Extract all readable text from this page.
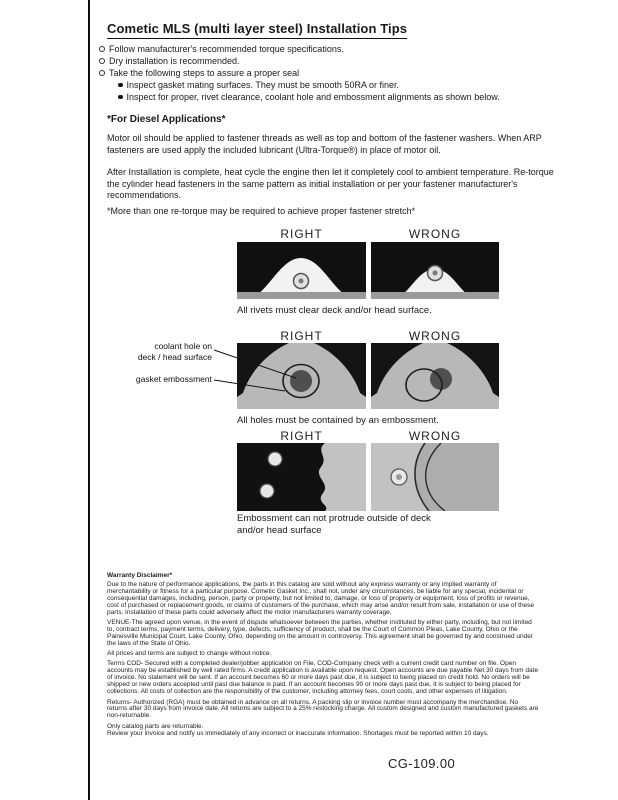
Cometic MLS (multi layer steel) Installation Tips
Follow manufacturer's recommended torque specifications.
Dry installation is recommended.
Take the following steps to assure a proper seal
Inspect gasket mating surfaces. They must be smooth 50RA or finer.
Inspect for proper, rivet clearance, coolant hole and embossment alignments as shown below.
*For Diesel Applications*
Motor oil should be applied to fastener threads as well as top and bottom of the fastener washers. When ARP fasteners are used apply the included lubricant (Ultra-Torque®) in place of motor oil.
After Installation is complete, heat cycle the engine then let it completely cool to ambient temperature. Re-torque the cylinder head fasteners in the same pattern as initial installation or per your fastener manufacturer's recommendations.
*More than one re-torque may be required to achieve proper fastener stretch*
RIGHT	WRONG
All rivets must clear deck and/or head surface.
RIGHT	WRONG
coolant hole on
deck / head surface
gasket embossment
All holes must be contained by an embossment.
RIGHT	WRONG
Embossment can not protrude outside of deck and/or head surface

Warranty Disclaimer*

Due to the nature of performance applications, the parts in this catalog are sold without any express warranty or any implied warranty of merchantability or fitness for a particular purpose. Cometic Gasket Inc., shall not, under any circumstances, be liable for any special, incidental or consequential damages, including, person, party or property, but not limited to, damage, or loss of property or equipment, loss of profits or revenue, cost of purchased or replacement goods, or claims of customers of the purchase, which may arise and/or result from sale, installation or use of these parts. Installation of these parts could adversely affect the motor manufacturers warranty coverage.

VENUE-The agreed upon venue, in the event of dispute whatsoever between the parties, whether instituted by either party, including, but not limited to, contract terms, payment terms, delivery, type, defects, sufficiency of product, shall be the Court of Common Pleas, Lake County, Ohio or the Painesville Municipal Court, Lake County, Ohio, depending on the amount in controversy. This agreement shall be governed by and construed under the laws of the State of Ohio.

All prices and terms are subject to change without notice.

Terms COD- Secured with a completed dealer/jobber application on File, COD-Company check with a current credit card number on file. Open accounts may be established by well rated firms. A credit application is available upon request. Open accounts are due payable Net 30 days from date of invoice. No statement will be sent. If an account becomes 60 or more days past due, it is subject to being placed on credit hold. No orders will be shipped or new orders accepted until past due balance is paid. If an account becomes 90 or more days past due, it is subject to being placed for collections. All costs of collection are the responsibility of the customer, including attorney fees, court costs, and other expenses of litigation.

Returns- Authorized (RGA) must be obtained in advance on all returns. A packing slip or invoice number must accompany the merchandise. No returns after 30 days from invoice date. All returns are subject to a 25% restocking charge. All custom designed and custom manufactured gaskets are non-returnable.

Only catalog parts are returnable.

Review your invoice and notify us immediately of any incorrect or inaccurate information. Shortages must be reported within 10 days.

CG-109.00
